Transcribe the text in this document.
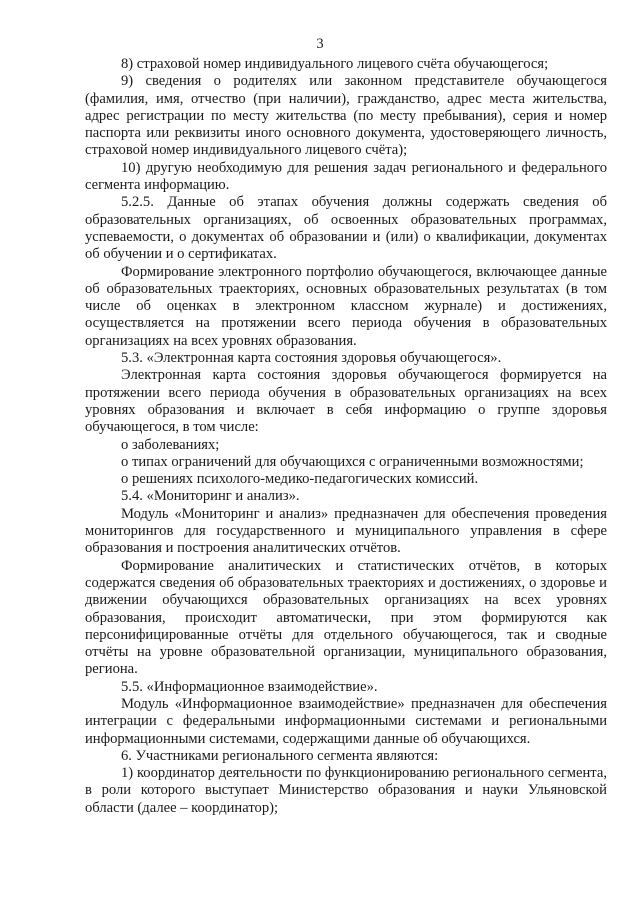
3

8) страховой номер индивидуального лицевого счёта обучающегося;

9) сведения о родителях или законном представителе обучающегося (фамилия, имя, отчество (при наличии), гражданство, адрес места жительства, адрес регистрации по месту жительства (по месту пребывания), серия и номер паспорта или реквизиты иного основного документа, удостоверяющего личность, страховой номер индивидуального лицевого счёта);

10) другую необходимую для решения задач регионального и федерального сегмента информацию.

5.2.5. Данные об этапах обучения должны содержать сведения об образовательных организациях, об освоенных образовательных программах, успеваемости, о документах об образовании и (или) о квалификации, документах об обучении и о сертификатах.

Формирование электронного портфолио обучающегося, включающее данные об образовательных траекториях, основных образовательных результатах (в том числе об оценках в электронном классном журнале) и достижениях, осуществляется на протяжении всего периода обучения в образовательных организациях на всех уровнях образования.

5.3. «Электронная карта состояния здоровья обучающегося».

Электронная карта состояния здоровья обучающегося формируется на протяжении всего периода обучения в образовательных организациях на всех уровнях образования и включает в себя информацию о группе здоровья обучающегося, в том числе:

о заболеваниях;

о типах ограничений для обучающихся с ограниченными возможностями;

о решениях психолого-медико-педагогических комиссий.

5.4. «Мониторинг и анализ».

Модуль «Мониторинг и анализ» предназначен для обеспечения проведения мониторингов для государственного и муниципального управления в сфере образования и построения аналитических отчётов.

Формирование аналитических и статистических отчётов, в которых содержатся сведения об образовательных траекториях и достижениях, о здоровье и движении обучающихся образовательных организациях на всех уровнях образования, происходит автоматически, при этом формируются как персонифицированные отчёты для отдельного обучающегося, так и сводные отчёты на уровне образовательной организации, муниципального образования, региона.

5.5. «Информационное взаимодействие».

Модуль «Информационное взаимодействие» предназначен для обеспечения интеграции с федеральными информационными системами и региональными информационными системами, содержащими данные об обучающихся.

6. Участниками регионального сегмента являются:

1) координатор деятельности по функционированию регионального сегмента, в роли которого выступает Министерство образования и науки Ульяновской области (далее – координатор);
